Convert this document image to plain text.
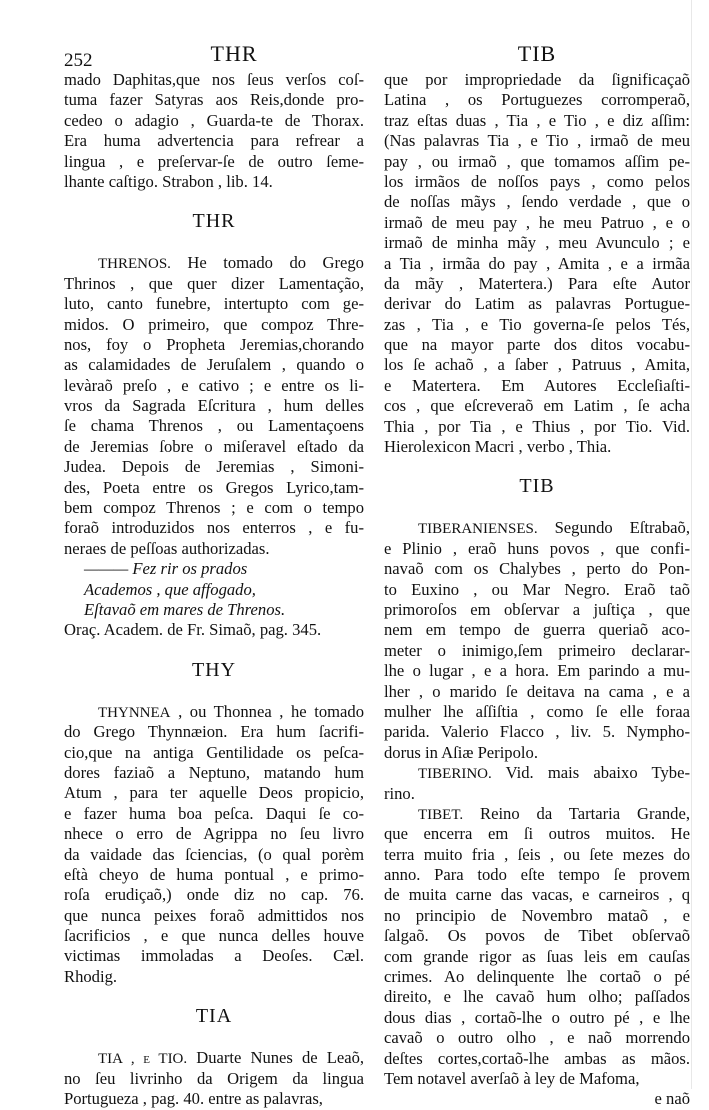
252	THR
mado Daphitas,que nos ſeus verſos coſ-
tuma fazer Satyras aos Reis,donde pro-
cedeo o adagio , Guarda-te de Thorax.
Era huma advertencia para refrear a
lingua , e preſervar-ſe de outro ſeme-
lhante caſtigo. Strabon , lib. 14.
THR
THRENOS. He tomado do Grego
Thrinos , que quer dizer Lamentação,
luto, canto funebre, intertupto com ge-
midos. O primeiro, que compoz Thre-
nos, foy o Propheta Jeremias,chorando
as calamidades de Jeruſalem , quando o
levàraõ preſo , e cativo ; e entre os li-
vros da Sagrada Eſcritura , hum delles
ſe chama Threnos , ou Lamentaçoens
de Jeremias ſobre o miſeravel eſtado da
Judea. Depois de Jeremias , Simoni-
des, Poeta entre os Gregos Lyrico,tam-
bem compoz Threnos ; e com o tempo
foraõ introduzidos nos enterros , e fu-
neraes de peſſoas authorizadas.
——— Fez rir os prados
Academos , que affogado,
Eſtavaõ em mares de Threnos.
Oraç. Academ. de Fr. Simaõ, pag. 345.
THY
THYNNEA , ou Thonnea , he tomado
do Grego Thynnæion. Era hum ſacrifi-
cio,que na antiga Gentilidade os peſca-
dores faziaõ a Neptuno, matando hum
Atum , para ter aquelle Deos propicio,
e fazer huma boa peſca. Daqui ſe co-
nhece o erro de Agrippa no ſeu livro
da vaidade das ſciencias, (o qual porèm
eſtà cheyo de huma pontual , e primo-
roſa erudiçaõ,) onde diz no cap. 76.
que nunca peixes foraõ admittidos nos
ſacrificios , e que nunca delles houve
victimas immoladas a Deoſes. Cæl.
Rhodig.
TIA
TIA , e TIO. Duarte Nunes de Leaõ,
no ſeu livrinho da Origem da lingua
Portugueza , pag. 40. entre as palavras,
TIB
que por impropriedade da ſignificaçaõ
Latina , os Portuguezes corromperaõ,
traz eſtas duas , Tia , e Tio , e diz aſſim:
(Nas palavras Tia , e Tio , irmaõ de meu
pay , ou irmaõ , que tomamos aſſim pe-
los irmãos de noſſos pays , como pelos
de noſſas mãys , ſendo verdade , que o
irmaõ de meu pay , he meu Patruo , e o
irmaõ de minha mãy , meu Avunculo ; e
a Tia , irmãa do pay , Amita , e a irmãa
da mãy , Matertera.) Para eſte Autor
derivar do Latim as palavras Portugue-
zas , Tia , e Tio governa-ſe pelos Tés,
que na mayor parte dos ditos vocabu-
los ſe achaõ , a ſaber , Patruus , Amita,
e Matertera. Em Autores Eccleſiaſti-
cos , que eſcreveraõ em Latim , ſe acha
Thia , por Tia , e Thius , por Tio. Vid.
Hierolexicon Macri , verbo , Thia.
TIB
TIBERANIENSES. Segundo Eſtrabaõ,
e Plinio , eraõ huns povos , que confi-
navaõ com os Chalybes , perto do Pon-
to Euxino , ou Mar Negro. Eraõ taõ
primoroſos em obſervar a juſtiça , que
nem em tempo de guerra queriaõ aco-
meter o inimigo,ſem primeiro declarar-
lhe o lugar , e a hora. Em parindo a mu-
lher , o marido ſe deitava na cama , e a
mulher lhe aſſiſtia , como ſe elle foraa
parida. Valerio Flacco , liv. 5. Nympho-
dorus in Aſiæ Peripolo.
TIBERINO. Vid. mais abaixo Tybe-
rino.
TIBET. Reino da Tartaria Grande,
que encerra em ſi outros muitos. He
terra muito fria , ſeis , ou ſete mezes do
anno. Para todo eſte tempo ſe provem
de muita carne das vacas, e carneiros , q
no principio de Novembro mataõ , e
ſalgaõ. Os povos de Tibet obſervaõ
com grande rigor as ſuas leis em cauſas
crimes. Ao delinquente lhe cortaõ o pé
direito, e lhe cavaõ hum olho; paſſados
dous dias , cortaõ-lhe o outro pé , e lhe
cavaõ o outro olho , e naõ morrendo
deſtes cortes,cortaõ-lhe ambas as mãos.
Tem notavel averſaõ à ley de Mafoma,
e naõ
